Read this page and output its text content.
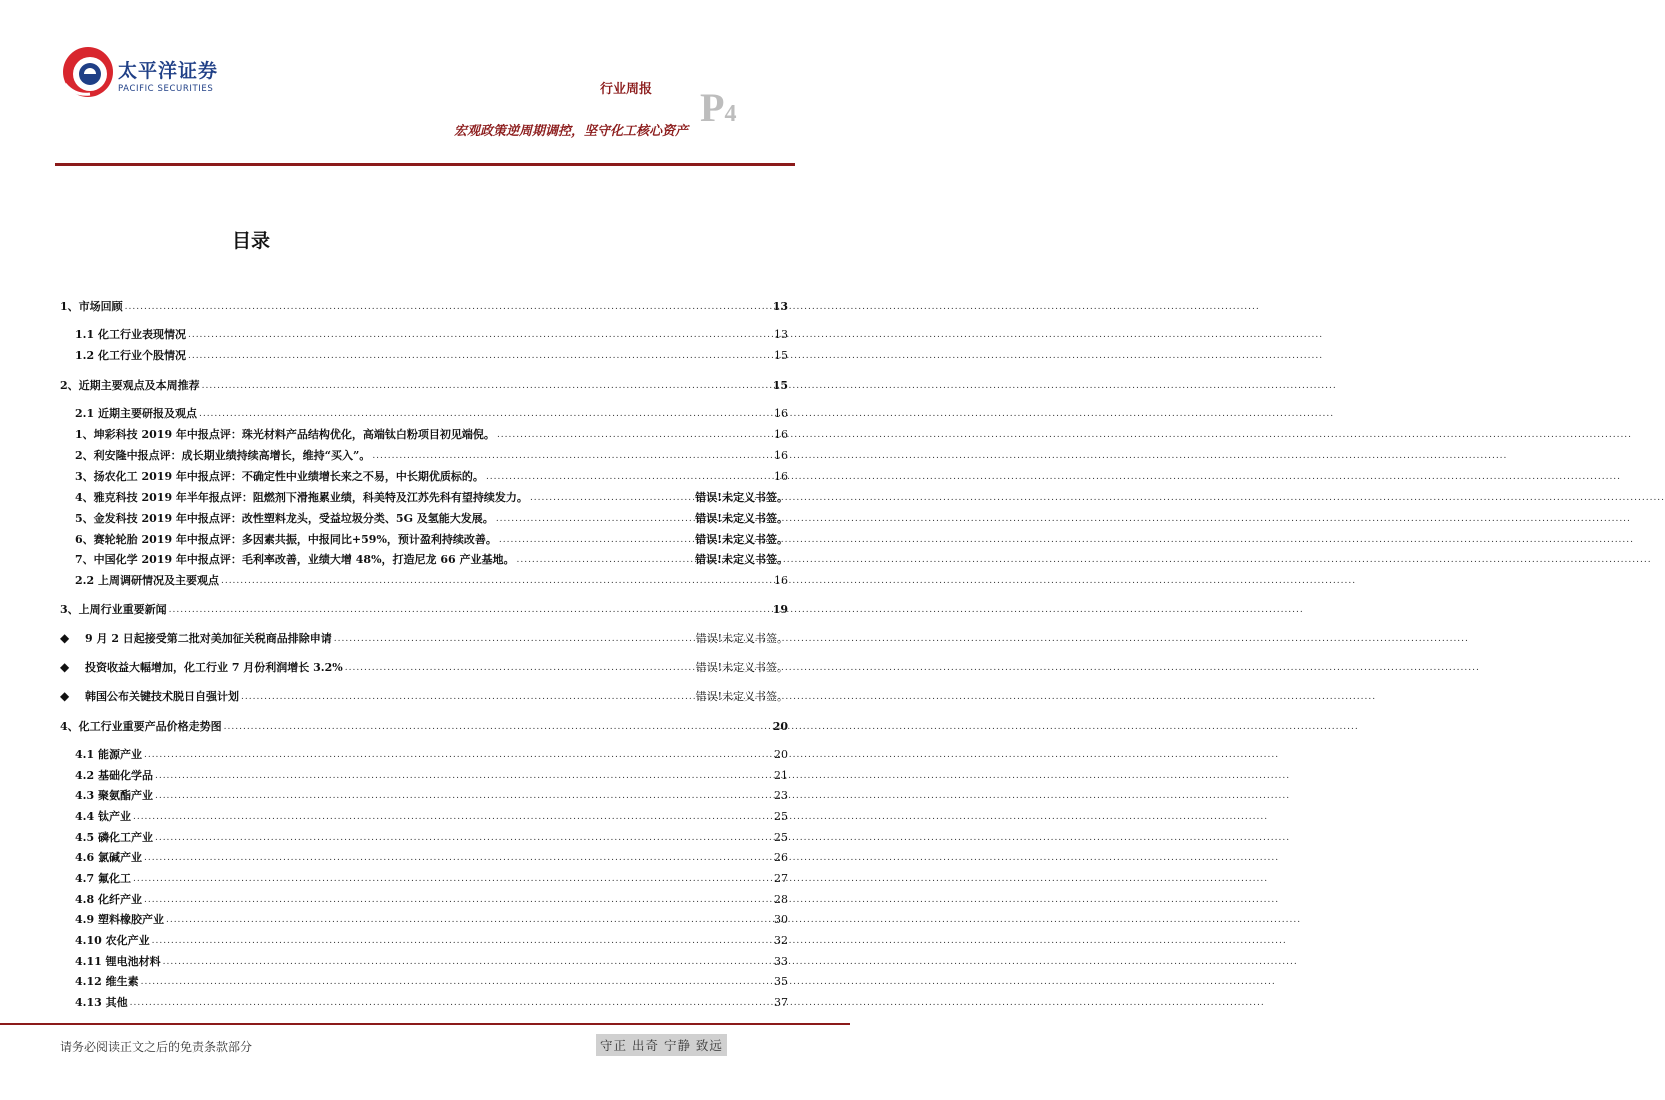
太平洋证券
PACIFIC SECURITIES	行业周报 P4
宏观政策逆周期调控，坚守化工核心资产
目录
1、市场回顾 .....	13
1.1 化工行业表现情况 .....	13
1.2 化工行业个股情况 .....	15
2、近期主要观点及本周推荐 .....	15
2.1 近期主要研报及观点 .....	16
1、坤彩科技 2019 年中报点评：珠光材料产品结构优化，高端钛白粉项目初见端倪。 .....	16
2、利安隆中报点评：成长期业绩持续高增长，维持“买入”。 .....	16
3、扬农化工 2019 年中报点评：不确定性中业绩增长来之不易，中长期优质标的。 .....	16
4、雅克科技 2019 年半年报点评：阻燃剂下滑拖累业绩，科美特及江苏先科有望持续发力。 .....	错误!未定义书签。
5、金发科技 2019 年中报点评：改性塑料龙头，受益垃圾分类、5G 及氢能大发展。 .....	错误!未定义书签。
6、赛轮轮胎 2019 年中报点评：多因素共振，中报同比+59%，预计盈利持续改善。 .....	错误!未定义书签。
7、中国化学 2019 年中报点评：毛利率改善，业绩大增 48%，打造尼龙 66 产业基地。 .....	错误!未定义书签。
2.2 上周调研情况及主要观点 .....	16
3、上周行业重要新闻 .....	19
◆ 9 月 2 日起接受第二批对美加征关税商品排除申请 .....	错误!未定义书签。
◆ 投资收益大幅增加，化工行业 7 月份利润增长 3.2% .....	错误!未定义书签。
◆ 韩国公布关键技术脱日自强计划 .....	错误!未定义书签。
4、化工行业重要产品价格走势图 .....	20
4.1 能源产业 .....	20
4.2 基础化学品 .....	21
4.3 聚氨酯产业 .....	23
4.4 钛产业 .....	25
4.5 磷化工产业 .....	25
4.6 氯碱产业 .....	26
4.7 氟化工 .....	27
4.8 化纤产业 .....	28
4.9 塑料橡胶产业 .....	30
4.10 农化产业 .....	32
4.11 锂电池材料 .....	33
4.12 维生素 .....	35
4.13 其他 .....	37
请务必阅读正文之后的免责条款部分	守正 出奇 宁静 致远
